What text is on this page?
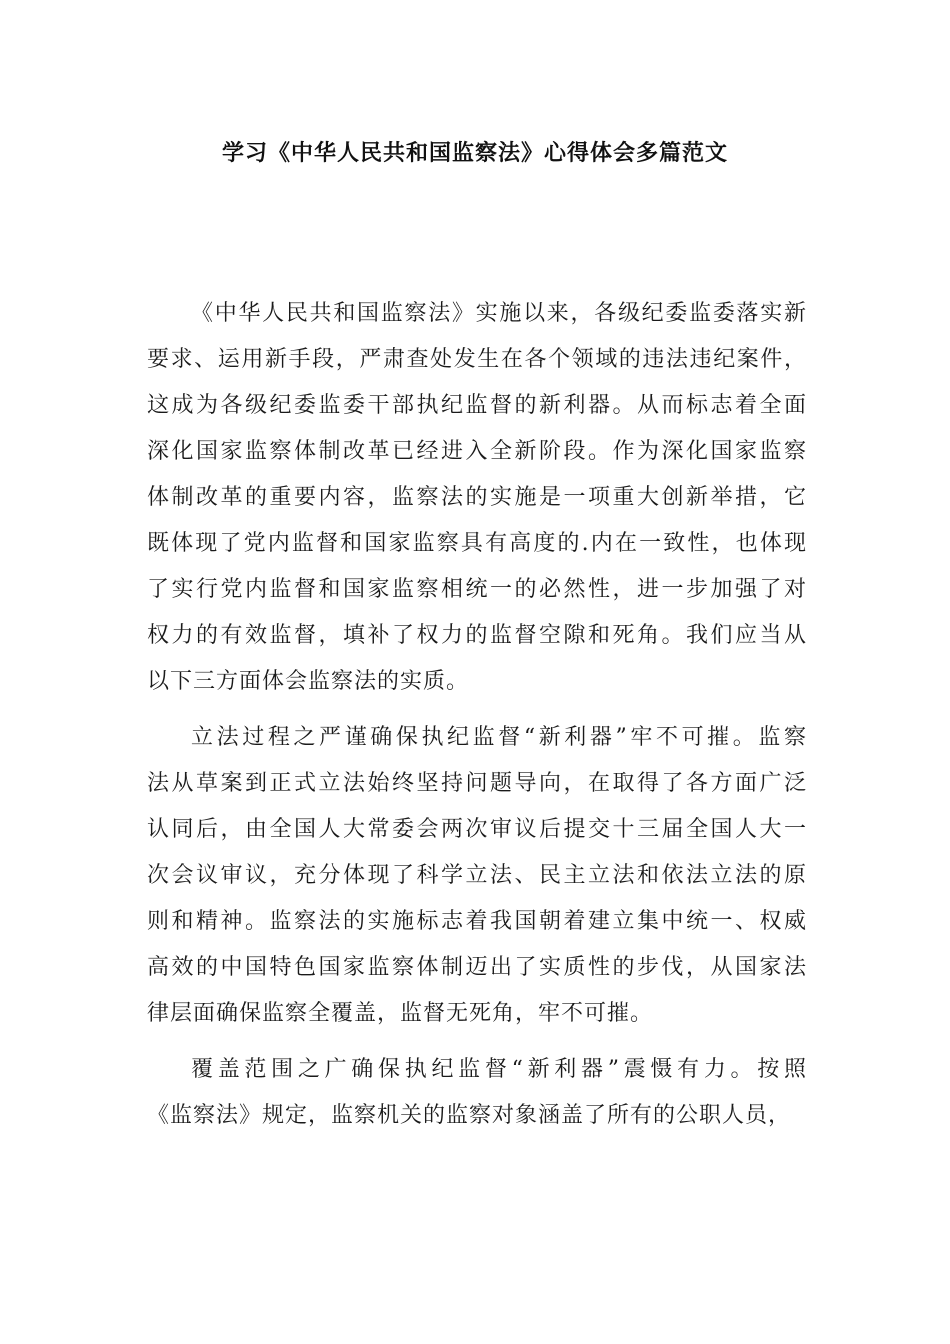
学习《中华人民共和国监察法》心得体会多篇范文
《中华人民共和国监察法》实施以来，各级纪委监委落实新
要求、运用新手段，严肃查处发生在各个领域的违法违纪案件，
这成为各级纪委监委干部执纪监督的新利器。从而标志着全面
深化国家监察体制改革已经进入全新阶段。作为深化国家监察
体制改革的重要内容，监察法的实施是一项重大创新举措，它
既体现了党内监督和国家监察具有高度的.内在一致性，也体现
了实行党内监督和国家监察相统一的必然性，进一步加强了对
权力的有效监督，填补了权力的监督空隙和死角。我们应当从
以下三方面体会监察法的实质。
立法过程之严谨确保执纪监督“新利器”牢不可摧。监察
法从草案到正式立法始终坚持问题导向，在取得了各方面广泛
认同后，由全国人大常委会两次审议后提交十三届全国人大一
次会议审议，充分体现了科学立法、民主立法和依法立法的原
则和精神。监察法的实施标志着我国朝着建立集中统一、权威
高效的中国特色国家监察体制迈出了实质性的步伐，从国家法
律层面确保监察全覆盖，监督无死角，牢不可摧。
覆盖范围之广确保执纪监督“新利器”震慑有力。按照
《监察法》规定，监察机关的监察对象涵盖了所有的公职人员，
